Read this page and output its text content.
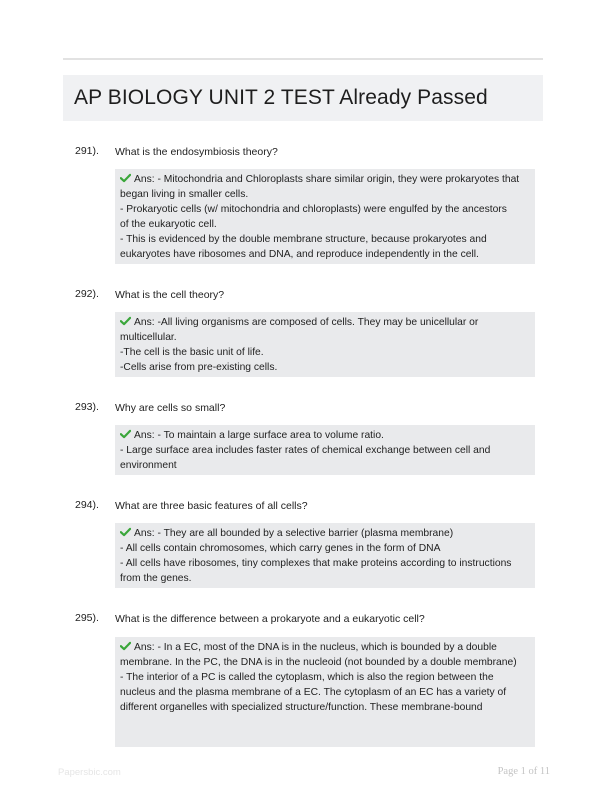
AP BIOLOGY UNIT 2 TEST Already Passed
291). What is the endosymbiosis theory?
Ans: - Mitochondria and Chloroplasts share similar origin, they were prokaryotes that
began living in smaller cells.
- Prokaryotic cells (w/ mitochondria and chloroplasts) were engulfed by the ancestors
of the eukaryotic cell.
- This is evidenced by the double membrane structure, because prokaryotes and
eukaryotes have ribosomes and DNA, and reproduce independently in the cell.
292). What is the cell theory?
Ans: -All living organisms are composed of cells. They may be unicellular or
multicellular.
-The cell is the basic unit of life.
-Cells arise from pre-existing cells.
293). Why are cells so small?
Ans: - To maintain a large surface area to volume ratio.
- Large surface area includes faster rates of chemical exchange between cell and
environment
294). What are three basic features of all cells?
Ans: - They are all bounded by a selective barrier (plasma membrane)
- All cells contain chromosomes, which carry genes in the form of DNA
- All cells have ribosomes, tiny complexes that make proteins according to instructions
from the genes.
295). What is the difference between a prokaryote and a eukaryotic cell?
Ans: - In a EC, most of the DNA is in the nucleus, which is bounded by a double
membrane. In the PC, the DNA is in the nucleoid (not bounded by a double membrane)
- The interior of a PC is called the cytoplasm, which is also the region between the
nucleus and the plasma membrane of a EC. The cytoplasm of an EC has a variety of
different organelles with specialized structure/function. These membrane-bound
Papersbic.com	Page 1 of 11
